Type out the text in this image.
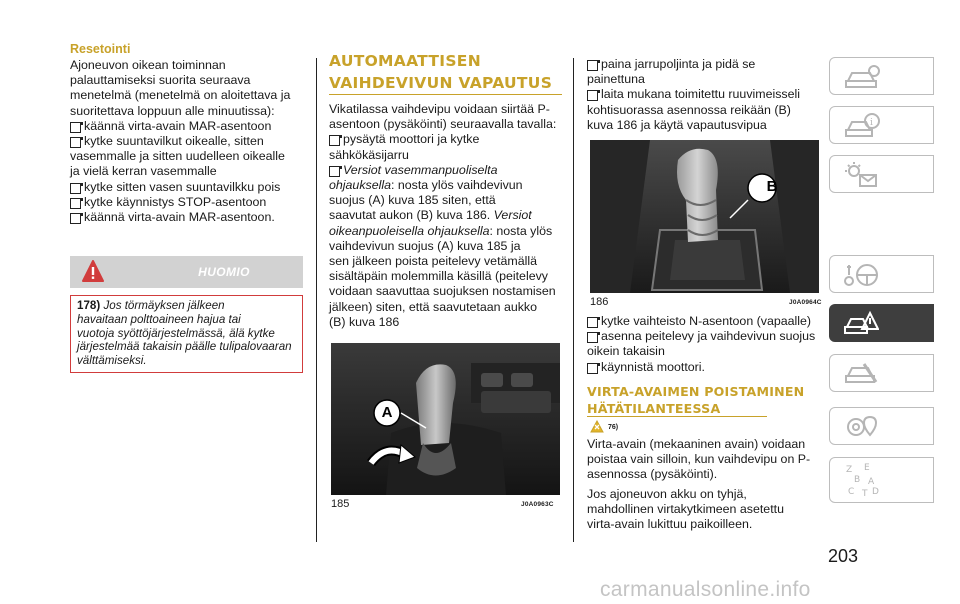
Resetointi

Ajoneuvon oikean toiminnan
palauttamiseksi suorita seuraava
menetelmä (menetelmä on aloitettava ja
suoritettava loppuun alle minuutissa):

käännä virta-avain MAR-asentoon

kytke suuntavilkut oikealle, sitten
vasemmalle ja sitten uudelleen oikealle
ja vielä kerran vasemmalle

kytke sitten vasen suuntavilkku pois

kytke käynnistys STOP-asentoon

käännä virta-avain MAR-asentoon.

HUOMIO
178) Jos törmäyksen jälkeen
havaitaan polttoaineen hajua tai
vuotoja syöttöjärjestelmässä, älä kytke
järjestelmää takaisin päälle tulipalovaaran
välttämiseksi.

AUTOMAATTISEN

VAIHDEVIVUN VAPAUTUS

Vikatilassa vaihdevipu voidaan siirtää P-
asentoon (pysäköinti) seuraavalla tavalla:

pysäytä moottori ja kytke

sähkökäsijarru

Versiot vasemmanpuoliselta

ohjauksella: nosta ylös vaihdevivun
suojus (A) kuva 185 siten, että
saavutat aukon (B) kuva 186. Versiot
oikeanpuoleisella ohjauksella: nosta ylös
vaihdevivun suojus (A) kuva 185 ja
sen jälkeen poista peitelevy vetämällä
sisältäpäin molemmilla käsillä (peitelevy
voidaan saavuttaa suojuksen nostamisen
jälkeen) siten, että saavutetaan aukko
(B) kuva 186

A
185	J0A0963C

paina jarrupoljinta ja pidä se

painettuna

laita mukana toimitettu ruuvimeisseli

kohtisuorassa asennossa reikään (B)
kuva 186 ja käytä vapautusvipua

B
186	J0A0964C

kytke vaihteisto N-asentoon (vapaalle)

asenna peitelevy ja vaihdevivun suojus

oikein takaisin

käynnistä moottori.

VIRTA-AVAIMEN POISTAMINEN

HÄTÄTILANTEESSA

76)

Virta-avain (mekaaninen avain) voidaan
poistaa vain silloin, kun vaihdevipu on P-
asennossa (pysäköinti).

Jos ajoneuvon akku on tyhjä,
mahdollinen virtakytkimeen asetettu
virta-avain lukittuu paikoilleen.

i
Z E
B A
C T D
203
carmanualsonline.info
